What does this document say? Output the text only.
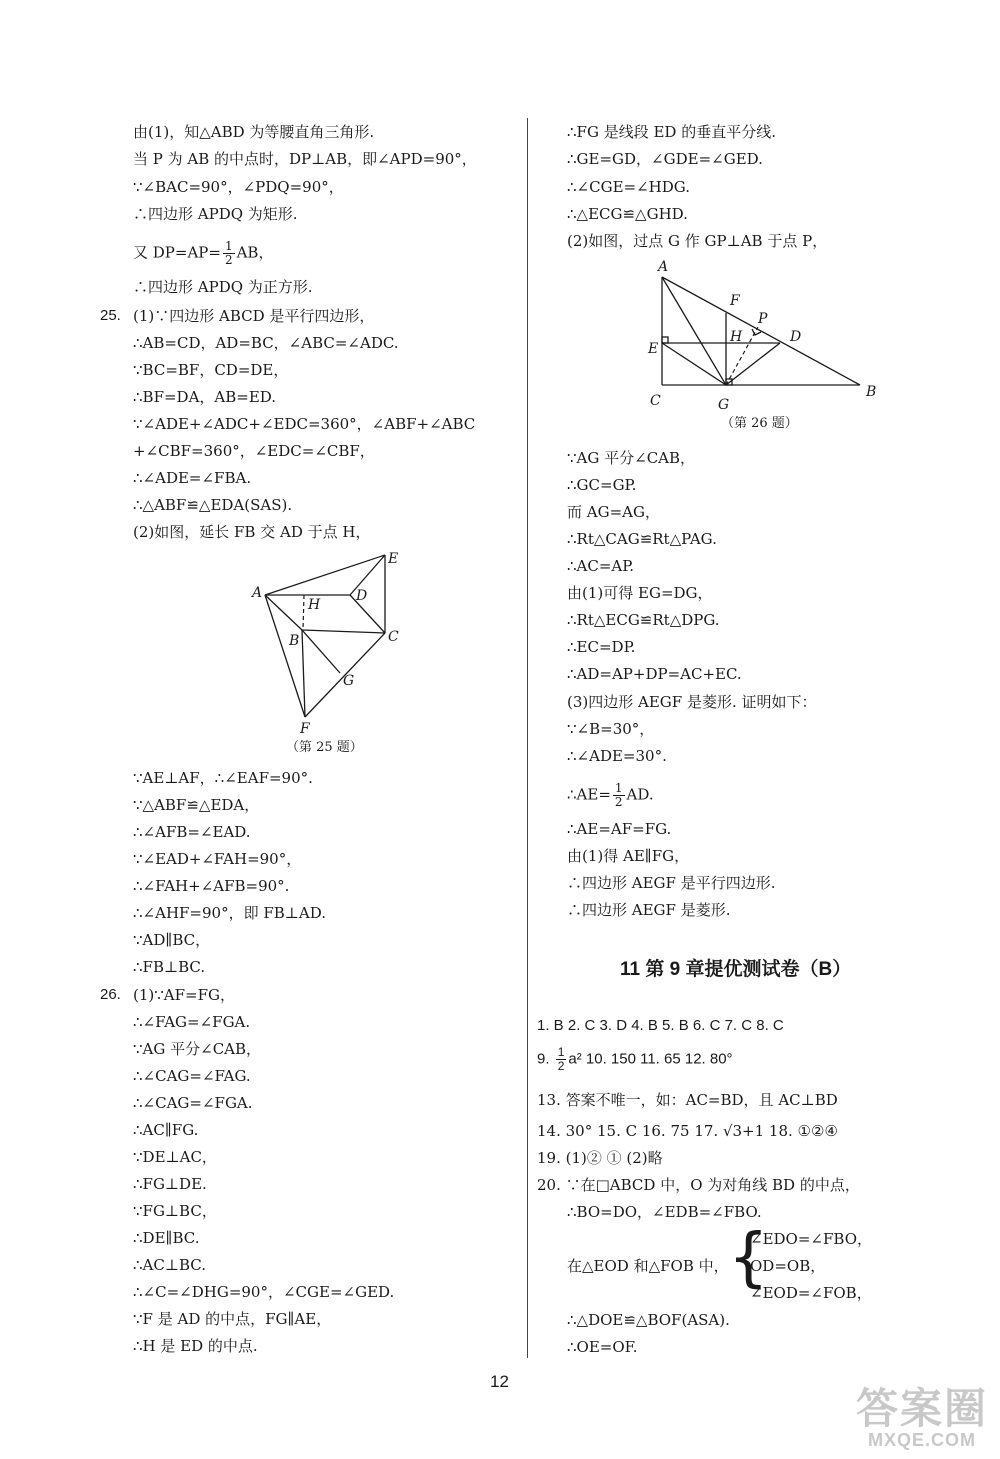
由(1)，知△ABD 为等腰直角三角形.
当 P 为 AB 的中点时，DP⊥AB，即∠APD=90°，
∵∠BAC=90°，∠PDQ=90°，
∴四边形 APDQ 为矩形.
又 $DP=AP= \frac{1}{2}$ AB，
∴四边形 APDQ 为正方形.
25. (1)∵四边形 ABCD 是平行四边形，
∴AB=CD，AD=BC，∠ABC=∠ADC.
∵BC=BF，CD=DE，
∴BF=DA，AB=ED.
∵∠ADE+∠ADC+∠EDC=360°，∠ABF+∠ABC
+∠CBF=360°，∠EDC=∠CBF，
∴∠ADE=∠FBA.
∴△ABF≌△EDA(SAS).
(2)如图，延长 FB 交 AD 于点 H，
A
E
D
H
B	C
G
F
（第 25 题）
∵AE⊥AF，∴∠EAF=90°.
∵△ABF≌△EDA，
∴∠AFB=∠EAD.
∵∠EAD+∠FAH=90°，
∴∠FAH+∠AFB=90°.
∴∠AHF=90°，即 FB⊥AD.
∵AD∥BC，
∴FB⊥BC.
26. (1)∵AF=FG，
∴∠FAG=∠FGA.
∵AG 平分∠CAB，
∴∠CAG=∠FAG.
∴∠CAG=∠FGA.
∴AC∥FG.
∵DE⊥AC，
∴FG⊥DE.
∵FG⊥BC，
∴DE∥BC.
∴AC⊥BC.
∴∠C=∠DHG=90°，∠CGE=∠GED.
∵F 是 AD 的中点，FG∥AE，
∴H 是 ED 的中点.
∴FG 是线段 ED 的垂直平分线.
∴GE=GD，∠GDE=∠GED.
∴∠CGE=∠HDG.
∴△ECG≌△GHD.
(2)如图，过点 G 作 GP⊥AB 于点 P，
A
F
P
H	D
E
C	G
B
（第 26 题）
∵AG 平分∠CAB，
∴GC=GP.
而 AG=AG，
∴Rt△CAG≌Rt△PAG.
∴AC=AP.
由(1)可得 EG=DG，
∴Rt△ECG≌Rt△DPG.
∴EC=DP.
∴AD=AP+DP=AC+EC.
(3)四边形 AEGF 是菱形. 证明如下：
∵∠B=30°，
∴∠ADE=30°.
∴AE= $\frac{1}{2}$ AD.
∴AE=AF=FG.
由(1)得 AE∥FG，
∴四边形 AEGF 是平行四边形.
∴四边形 AEGF 是菱形.
11 第 9 章提优测试卷（B）
1. B 2. C 3. D 4. B 5. B 6. C 7. C 8. C
9. $\frac{1}{2} a^2$ 10. 150 11. 65 12. 80°
13. 答案不唯一，如：AC=BD，且 AC⊥BD
14. 30° 15. C 16. 75 17. √3+1 18. ①②④
19. (1)② ① (2)略
20. ∵在□ABCD 中，O 为对角线 BD 的中点，
∴BO=DO，∠EDB=∠FBO.
在△EOD 和△FOB 中， {
∠EDO=∠FBO，
OD=OB，
∠EOD=∠FOB，
∴△DOE≌△BOF(ASA).
∴OE=OF.
12
答案圈
MXQE.COM
